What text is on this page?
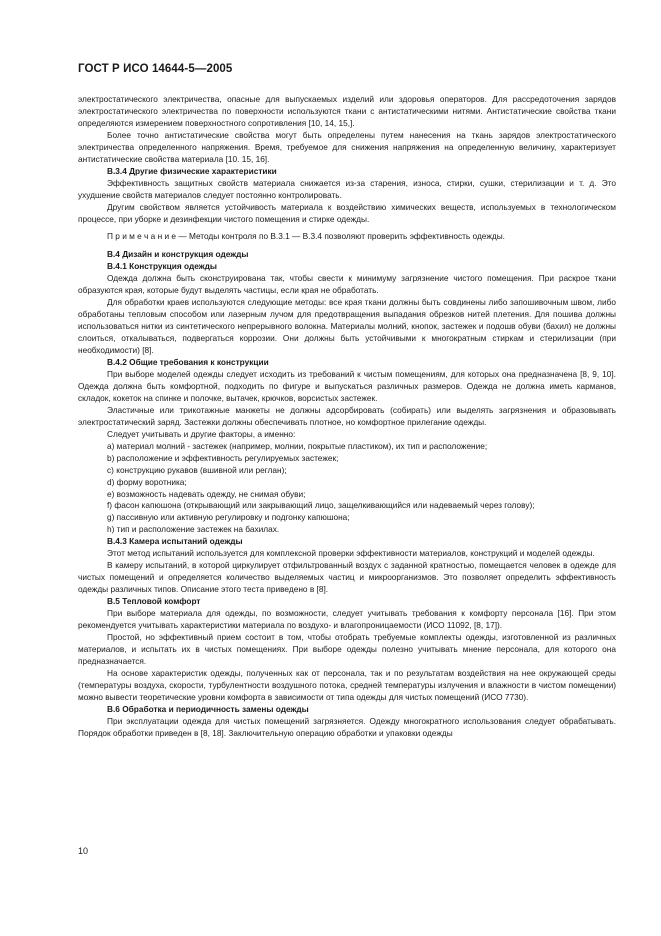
ГОСТ Р ИСО 14644-5—2005

электростатического электричества, опасные для выпускаемых изделий или здоровья операторов. Для рассредоточения зарядов электростатического электричества по поверхности используются ткани с антистатическими нитями. Антистатические свойства ткани определяются измерением поверхностного сопротивления [10, 14, 15,].

Более точно антистатические свойства могут быть определены путем нанесения на ткань зарядов электростатического электричества определенного напряжения. Время, требуемое для снижения напряжения на определенную величину, характеризует антистатические свойства материала [10. 15, 16].

В.3.4 Другие физические характеристики

Эффективность защитных свойств материала снижается из-за старения, износа, стирки, сушки, стерилизации и т. д. Это ухудшение свойств материалов следует постоянно контролировать.

Другим свойством является устойчивость материала к воздействию химических веществ, используемых в технологическом процессе, при уборке и дезинфекции чистого помещения и стирке одежды.

П р и м е ч а н и е — Методы контроля по В.3.1 — В.3.4 позволяют проверить эффективность одежды.

В.4 Дизайн и конструкция одежды

В.4.1 Конструкция одежды

Одежда должна быть сконструирована так, чтобы свести к минимуму загрязнение чистого помещения. При раскрое ткани образуются края, которые будут выделять частицы, если края не обработать.

Для обработки краев используются следующие методы: все края ткани должны быть совдинены либо запошивочным швом, либо обработаны тепловым способом или лазерным лучом для предотвращения выпадания обрезков нитей плетения. Для пошива должны использоваться нитки из синтетического непрерывного волокна. Материалы молний, кнопок, застежек и подошв обуви (бахил) не должны слоиться, откалываться, подвергаться коррозии. Они должны быть устойчивыми к многократным стиркам и стерилизации (при необходимости) [8].

В.4.2 Общие требования к конструкции

При выборе моделей одежды следует исходить из требований к чистым помещениям, для которых она предназначена [8, 9, 10]. Одежда должна быть комфортной, подходить по фигуре и выпускаться различных размеров. Одежда не должна иметь карманов, складок, кокеток на спинке и полочке, вытачек, крючков, ворсистых застежек.

Эластичные или трикотажные манжеты не должны адсорбировать (собирать) или выделять загрязнения и образовывать электростатический заряд. Застежки должны обеспечивать плотное, но комфортное прилегание одежды.

Следует учитывать и другие факторы, а именно:

а) материал молний - застежек (например, молнии, покрытые пластиком), их тип и расположение;

b) расположение и эффективность регулируемых застежек;

c) конструкцию рукавов (вшивной или реглан);

d) форму воротника;

e) возможность надевать одежду, не снимая обуви;

f) фасон капюшона (открывающий или закрывающий лицо, защелкивающийся или надеваемый через голову);

g) пассивную или активную регулировку и подгонку капюшона;

h) тип и расположение застежек на бахилах.

В.4.3 Камера испытаний одежды

Этот метод испытаний используется для комплексной проверки эффективности материалов, конструкций и моделей одежды.

В камеру испытаний, в которой циркулирует отфильтрованный воздух с заданной кратностью, помещается человек в одежде для чистых помещений и определяется количество выделяемых частиц и микроорганизмов. Это позволяет определить эффективность одежды различных типов. Описание этого теста приведено в [8].

В.5 Тепловой комфорт

При выборе материала для одежды, по возможности, следует учитывать требования к комфорту персонала [16]. При этом рекомендуется учитывать характеристики материала по воздухо- и влагопроницаемости (ИСО 11092, [8, 17]).

Простой, но эффективный прием состоит в том, чтобы отобрать требуемые комплекты одежды, изготовленной из различных материалов, и испытать их в чистых помещениях. При выборе одежды полезно учитывать мнение персонала, для которого она предназначается.

На основе характеристик одежды, полученных как от персонала, так и по результатам воздействия на нее окружающей среды (температуры воздуха, скорости, турбулентности воздушного потока, средней температуры излучения и влажности в чистом помещении) можно вывести теоретические уровни комфорта в зависимости от типа одежды для чистых помещений (ИСО 7730).

В.6 Обработка и периодичность замены одежды

При эксплуатации одежда для чистых помещений загрязняется. Одежду многократного использования следует обрабатывать. Порядок обработки приведен в [8, 18]. Заключительную операцию обработки и упаковки одежды

10
